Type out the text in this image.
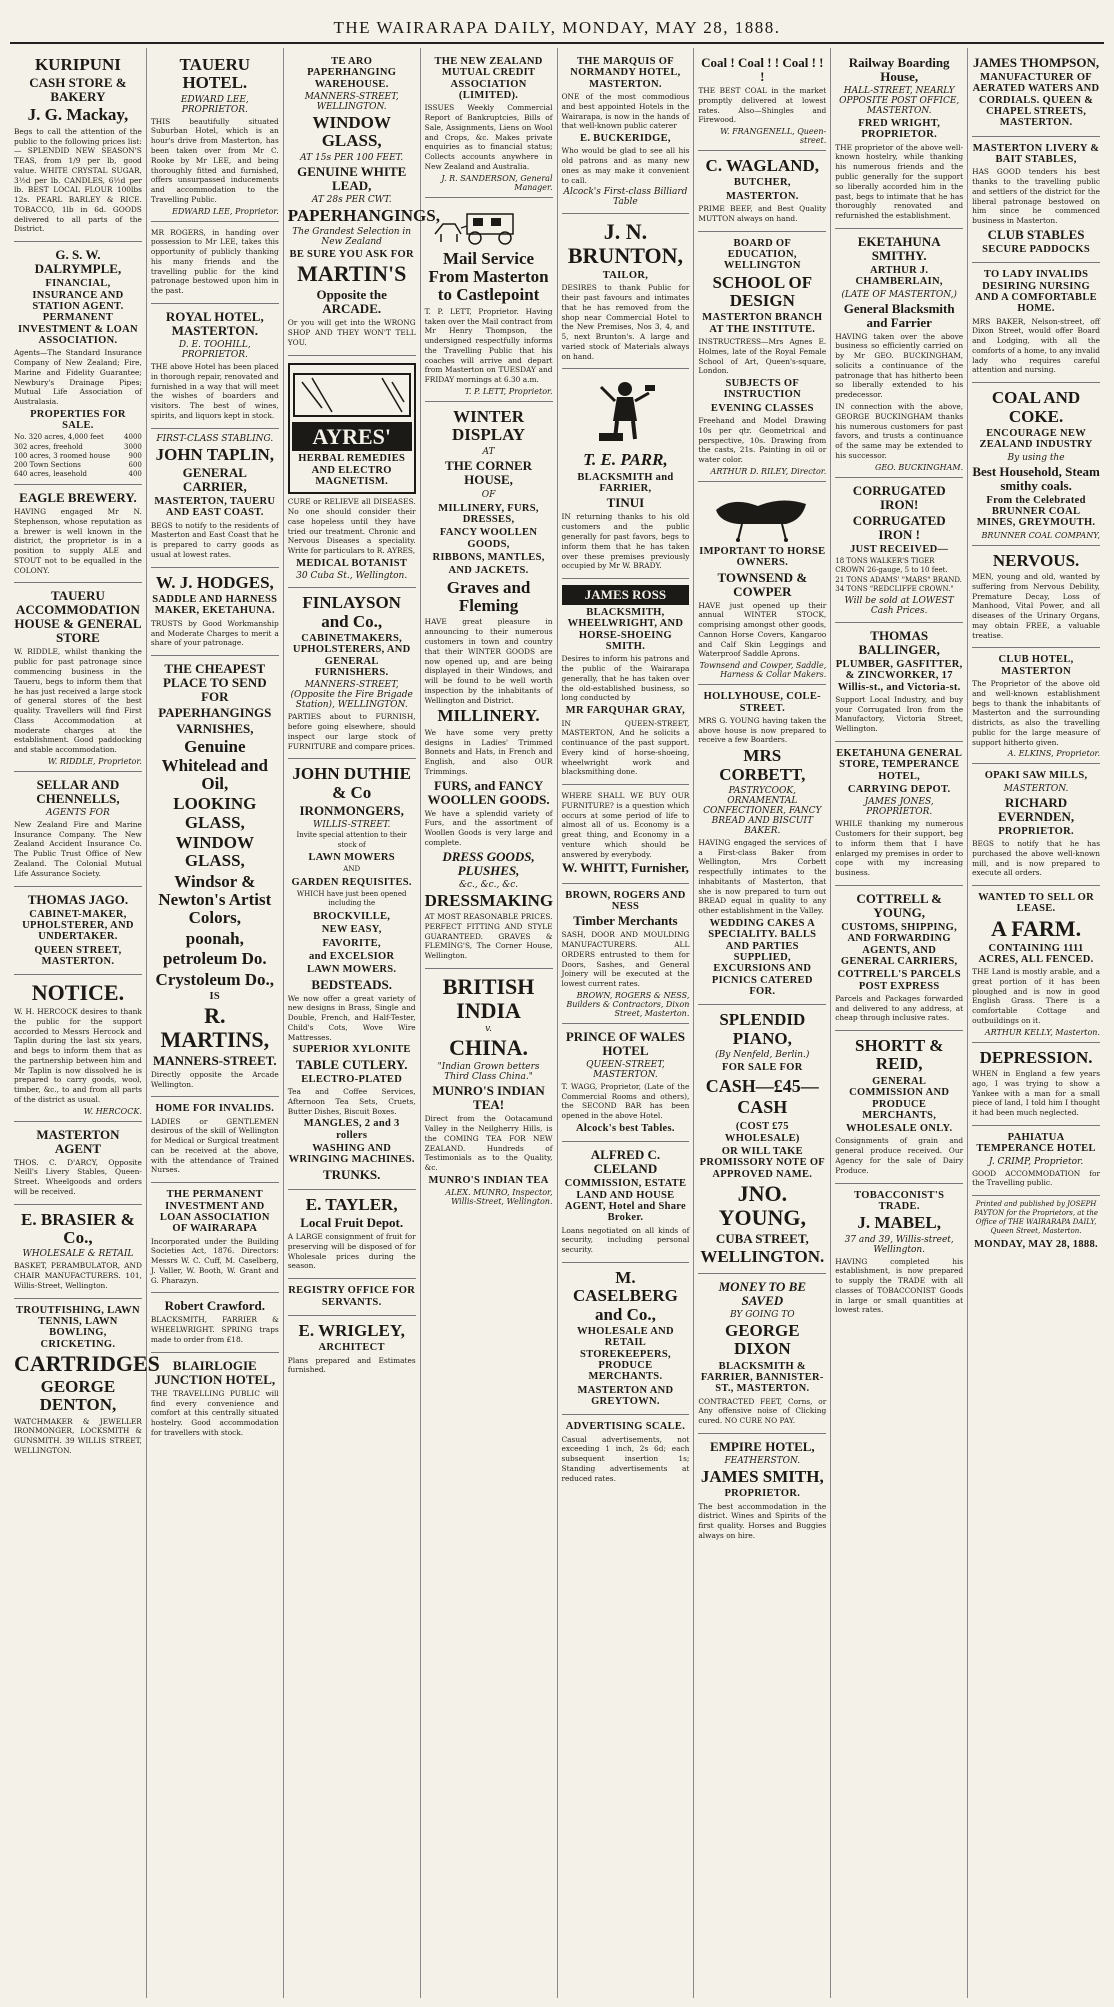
THE WAIRARAPA DAILY, MONDAY, MAY 28, 1888.
KURIPUNI
CASH STORE & BAKERY
J. G. Mackay,
Begs to call the attention of the public to the following prices list:— SPLENDID NEW SEASON'S TEAS, from 1/9 per lb, good value. WHITE CRYSTAL SUGAR, 3½d per lb. CANDLES, 6½d per lb. BEST LOCAL FLOUR 100lbs 12s. PEARL BARLEY & RICE. TOBACCO, 1lb in 6d. GOODS delivered to all parts of the District.
G. S. W. DALRYMPLE,
FINANCIAL, INSURANCE AND STATION AGENT. PERMANENT INVESTMENT & LOAN ASSOCIATION.
Agents—The Standard Insurance Company of New Zealand; Fire, Marine and Fidelity Guarantee; Newbury's Drainage Pipes; Mutual Life Association of Australasia.
PROPERTIES FOR SALE.
No. 320 acres, 4,000 feet	4000
302 acres, freehold	3000
100 acres, 3 roomed house	900
200 Town Sections	600
640 acres, leasehold	400
EAGLE BREWERY.
HAVING engaged Mr N. Stephenson, whose reputation as a brewer is well known in the district, the proprietor is in a position to supply ALE and STOUT not to be equalled in the COLONY.
TAUERU ACCOMMODATION HOUSE & GENERAL STORE
W. RIDDLE, whilst thanking the public for past patronage since commencing business in the Taueru, begs to inform them that he has just received a large stock of general stores of the best quality. Travellers will find First Class Accommodation at moderate charges at the establishment. Good paddocking and stable accommodation.
W. RIDDLE, Proprietor.
SELLAR AND CHENNELLS,
AGENTS FOR
New Zealand Fire and Marine Insurance Company. The New Zealand Accident Insurance Co. The Public Trust Office of New Zealand. The Colonial Mutual Life Assurance Society.
THOMAS JAGO.
CABINET-MAKER, UPHOLSTERER, AND UNDERTAKER.
QUEEN STREET, MASTERTON.
NOTICE.
W. H. HERCOCK desires to thank the public for the support accorded to Messrs Hercock and Taplin during the last six years, and begs to inform them that as the partnership between him and Mr Taplin is now dissolved he is prepared to carry goods, wool, timber, &c., to and from all parts of the district as usual.
W. HERCOCK.
MASTERTON AGENT
THOS. C. D'ARCY, Opposite Neill's Livery Stables, Queen-Street. Wheelgoods and orders will be received.
E. BRASIER & Co.,
WHOLESALE & RETAIL
BASKET, PERAMBULATOR, AND CHAIR MANUFACTURERS. 101, Willis-Street, Wellington.
TROUTFISHING, LAWN TENNIS, LAWN BOWLING, CRICKETING.
CARTRIDGES
GEORGE DENTON,
WATCHMAKER & JEWELLER IRONMONGER, LOCKSMITH & GUNSMITH. 39 WILLIS STREET, WELLINGTON.
TAUERU HOTEL.
EDWARD LEE, PROPRIETOR.
THIS beautifully situated Suburban Hotel, which is an hour's drive from Masterton, has been taken over from Mr C. Rooke by Mr LEE, and being thoroughly fitted and furnished, offers unsurpassed inducements and accommodation to the Travelling Public.
EDWARD LEE, Proprietor.
MR ROGERS, in handing over possession to Mr LEE, takes this opportunity of publicly thanking his many friends and the travelling public for the kind patronage bestowed upon him in the past.
ROYAL HOTEL, MASTERTON.
D. E. TOOHILL, PROPRIETOR.
THE above Hotel has been placed in thorough repair, renovated and furnished in a way that will meet the wishes of boarders and visitors. The best of wines, spirits, and liquors kept in stock.
FIRST-CLASS STABLING.
JOHN TAPLIN,
GENERAL CARRIER,
MASTERTON, TAUERU AND EAST COAST.
BEGS to notify to the residents of Masterton and East Coast that he is prepared to carry goods as usual at lowest rates.
W. J. HODGES,
SADDLE AND HARNESS MAKER, EKETAHUNA.
TRUSTS by Good Workmanship and Moderate Charges to merit a share of your patronage.
THE CHEAPEST PLACE TO SEND FOR
PAPERHANGINGS
VARNISHES,
Genuine Whitelead and Oil,
LOOKING GLASS,
WINDOW GLASS,
Windsor & Newton's Artist Colors,
poonah,
petroleum Do.
Crystoleum Do.,
IS
R. MARTINS,
MANNERS-STREET.
Directly opposite the Arcade Wellington.
HOME FOR INVALIDS.
LADIES or GENTLEMEN desirous of the skill of Wellington for Medical or Surgical treatment can be received at the above, with the attendance of Trained Nurses.
THE PERMANENT INVESTMENT AND LOAN ASSOCIATION OF WAIRARAPA
Incorporated under the Building Societies Act, 1876. Directors: Messrs W. C. Cuff, M. Caselberg, J. Valler, W. Booth, W. Grant and G. Pharazyn.
Robert Crawford.
BLACKSMITH, FARRIER & WHEELWRIGHT. SPRING traps made to order from £18.
BLAIRLOGIE JUNCTION HOTEL,
THE TRAVELLING PUBLIC will find every convenience and comfort at this centrally situated hostelry. Good accommodation for travellers with stock.
TE ARO PAPERHANGING WAREHOUSE.
MANNERS-STREET, WELLINGTON.
WINDOW GLASS,
AT 15s PER 100 FEET.
GENUINE WHITE LEAD,
AT 28s PER CWT.
PAPERHANGINGS,
The Grandest Selection in New Zealand
BE SURE YOU ASK FOR
MARTIN'S
Opposite the ARCADE.
Or you will get into the WRONG SHOP AND THEY WON'T TELL YOU.
AYRES'
HERBAL REMEDIES AND ELECTRO MAGNETISM.
CURE or RELIEVE all DISEASES. No one should consider their case hopeless until they have tried our treatment. Chronic and Nervous Diseases a speciality. Write for particulars to R. AYRES,
MEDICAL BOTANIST
30 Cuba St., Wellington.
FINLAYSON and Co.,
CABINETMAKERS, UPHOLSTERERS, AND GENERAL FURNISHERS.
MANNERS-STREET, (Opposite the Fire Brigade Station), WELLINGTON.
PARTIES about to FURNISH, before going elsewhere, should inspect our large stock of FURNITURE and compare prices.
JOHN DUTHIE & Co
IRONMONGERS,
WILLIS-STREET.
Invite special attention to their stock of
LAWN MOWERS
AND
GARDEN REQUISITES.
WHICH have just been opened including the
BROCKVILLE,
NEW EASY,
FAVORITE,
and EXCELSIOR
LAWN MOWERS.
BEDSTEADS.
We now offer a great variety of new designs in Brass, Single and Double, French, and Half-Tester, Child's Cots, Wove Wire Mattresses.
SUPERIOR XYLONITE
TABLE CUTLERY.
ELECTRO-PLATED
Tea and Coffee Services, Afternoon Tea Sets, Cruets, Butter Dishes, Biscuit Boxes.
MANGLES, 2 and 3 rollers
WASHING AND WRINGING MACHINES.
TRUNKS.
E. TAYLER,
Local Fruit Depot.
A LARGE consignment of fruit for preserving will be disposed of for Wholesale prices during the season.
REGISTRY OFFICE FOR SERVANTS.
E. WRIGLEY,
ARCHITECT
Plans prepared and Estimates furnished.
THE NEW ZEALAND MUTUAL CREDIT ASSOCIATION (LIMITED).
ISSUES Weekly Commercial Report of Bankruptcies, Bills of Sale, Assignments, Liens on Wool and Crops, &c. Makes private enquiries as to financial status; Collects accounts anywhere in New Zealand and Australia.
J. R. SANDERSON, General Manager.
Mail Service From Masterton to Castlepoint
T. P. LETT, Proprietor. Having taken over the Mail contract from Mr Henry Thompson, the undersigned respectfully informs the Travelling Public that his coaches will arrive and depart from Masterton on TUESDAY and FRIDAY mornings at 6.30 a.m.
T. P. LETT, Proprietor.
WINTER DISPLAY
AT
THE CORNER HOUSE,
OF
MILLINERY, FURS, DRESSES,
FANCY WOOLLEN GOODS,
RIBBONS, MANTLES,
AND JACKETS.
Graves and Fleming
HAVE great pleasure in announcing to their numerous customers in town and country that their WINTER GOODS are now opened up, and are being displayed in their Windows, and will be found to be well worth inspection by the inhabitants of Wellington and District.
MILLINERY.
We have some very pretty designs in Ladies' Trimmed Bonnets and Hats, in French and English, and also OUR Trimmings.
FURS, and FANCY WOOLLEN GOODS.
We have a splendid variety of Furs, and the assortment of Woollen Goods is very large and complete.
DRESS GOODS, PLUSHES,
&c., &c., &c.
DRESSMAKING
AT MOST REASONABLE PRICES. PERFECT FITTING AND STYLE GUARANTEED. GRAVES & FLEMING'S, The Corner House, Wellington.
BRITISH INDIA
v.
CHINA.
"Indian Grown betters Third Class China."
MUNRO'S INDIAN TEA!
Direct from the Ootacamund Valley in the Neilgherry Hills, is the COMING TEA FOR NEW ZEALAND. Hundreds of Testimonials as to the Quality, &c.
MUNRO'S INDIAN TEA
ALEX. MUNRO, Inspector, Willis-Street, Wellington.
THE MARQUIS OF NORMANDY HOTEL, MASTERTON.
ONE of the most commodious and best appointed Hotels in the Wairarapa, is now in the hands of that well-known public caterer
E. BUCKERIDGE,
Who would be glad to see all his old patrons and as many new ones as may make it convenient to call.
Alcock's First-class Billiard Table
J. N. BRUNTON,
TAILOR,
DESIRES to thank Public for their past favours and intimates that he has removed from the shop near Commercial Hotel to the New Premises, Nos 3, 4, and 5, next Brunton's. A large and varied stock of Materials always on hand.
T. E. PARR,
BLACKSMITH and FARRIER,
TINUI
IN returning thanks to his old customers and the public generally for past favors, begs to inform them that he has taken over these premises previously occupied by Mr W. BRADY.
JAMES ROSS
BLACKSMITH, WHEELWRIGHT, AND HORSE-SHOEING SMITH.
Desires to inform his patrons and the public of the Wairarapa generally, that he has taken over the old-established business, so long conducted by
MR FARQUHAR GRAY,
IN QUEEN-STREET, MASTERTON, And he solicits a continuance of the past support. Every kind of horse-shoeing, wheelwright work and blacksmithing done.
WHERE SHALL WE BUY OUR FURNITURE? is a question which occurs at some period of life to almost all of us. Economy is a great thing, and Economy in a venture which should be answered by everybody.
W. WHITT, Furnisher,
BROWN, ROGERS AND NESS
Timber Merchants
SASH, DOOR AND MOULDING MANUFACTURERS. ALL ORDERS entrusted to them for Doors, Sashes, and General Joinery will be executed at the lowest current rates.
BROWN, ROGERS & NESS, Builders & Contractors, Dixon Street, Masterton.
PRINCE OF WALES HOTEL
QUEEN-STREET, MASTERTON.
T. WAGG, Proprietor, (Late of the Commercial Rooms and others), the SECOND BAR has been opened in the above Hotel.
Alcock's best Tables.
ALFRED C. CLELAND
COMMISSION, ESTATE LAND AND HOUSE AGENT, Hotel and Share Broker.
Loans negotiated on all kinds of security, including personal security.
M. CASELBERG and Co.,
WHOLESALE AND RETAIL STOREKEEPERS, PRODUCE MERCHANTS.
MASTERTON AND GREYTOWN.
ADVERTISING SCALE.
Casual advertisements, not exceeding 1 inch, 2s 6d; each subsequent insertion 1s; Standing advertisements at reduced rates.
Coal ! Coal ! ! Coal ! ! !
THE BEST COAL in the market promptly delivered at lowest rates. Also—Shingles and Firewood.
W. FRANGENELL, Queen-street.
C. WAGLAND,
BUTCHER,
MASTERTON.
PRIME BEEF, and Best Quality MUTTON always on hand.
BOARD OF EDUCATION, WELLINGTON
SCHOOL OF DESIGN
MASTERTON BRANCH AT THE INSTITUTE.
INSTRUCTRESS—Mrs Agnes E. Holmes, late of the Royal Female School of Art, Queen's-square, London.
SUBJECTS OF INSTRUCTION
EVENING CLASSES
Freehand and Model Drawing 10s per qtr. Geometrical and perspective, 10s. Drawing from the casts, 21s. Painting in oil or water color.
ARTHUR D. RILEY, Director.
IMPORTANT TO HORSE OWNERS.
TOWNSEND & COWPER
HAVE just opened up their annual WINTER STOCK, comprising amongst other goods, Cannon Horse Covers, Kangaroo and Calf Skin Leggings and Waterproof Saddle Aprons.
Townsend and Cowper, Saddle, Harness & Collar Makers.
HOLLYHOUSE, COLE-STREET.
MRS G. YOUNG having taken the above house is now prepared to receive a few Boarders.
MRS CORBETT,
PASTRYCOOK, ORNAMENTAL CONFECTIONER, FANCY BREAD AND BISCUIT BAKER.
HAVING engaged the services of a First-class Baker from Wellington, Mrs Corbett respectfully intimates to the inhabitants of Masterton, that she is now prepared to turn out BREAD equal in quality to any other establishment in the Valley.
WEDDING CAKES A SPECIALITY. BALLS AND PARTIES SUPPLIED, EXCURSIONS AND PICNICS CATERED FOR.
SPLENDID PIANO,
(By Nenfeld, Berlin.)
FOR SALE FOR
CASH—£45—CASH
(COST £75 WHOLESALE)
OR WILL TAKE PROMISSORY NOTE OF APPROVED NAME.
JNO. YOUNG,
CUBA STREET,
WELLINGTON.
MONEY TO BE SAVED
BY GOING TO
GEORGE DIXON
BLACKSMITH & FARRIER, BANNISTER-ST., MASTERTON.
CONTRACTED FEET, Corns, or Any offensive noise of Clicking cured. NO CURE NO PAY.
EMPIRE HOTEL,
FEATHERSTON.
JAMES SMITH,
PROPRIETOR.
The best accommodation in the district. Wines and Spirits of the first quality. Horses and Buggies always on hire.
Railway Boarding House,
HALL-STREET, NEARLY OPPOSITE POST OFFICE, MASTERTON.
FRED WRIGHT, PROPRIETOR.
THE proprietor of the above well-known hostelry, while thanking his numerous friends and the public generally for the support so liberally accorded him in the past, begs to intimate that he has thoroughly renovated and refurnished the establishment.
EKETAHUNA SMITHY.
ARTHUR J. CHAMBERLAIN,
(LATE OF MASTERTON,)
General Blacksmith and Farrier
HAVING taken over the above business so efficiently carried on by Mr GEO. BUCKINGHAM, solicits a continuance of the patronage that has hitherto been so liberally extended to his predecessor.
IN connection with the above, GEORGE BUCKINGHAM thanks his numerous customers for past favors, and trusts a continuance of the same may be extended to his successor.
GEO. BUCKINGHAM.
CORRUGATED IRON!
CORRUGATED IRON !
JUST RECEIVED—
18 TONS WALKER'S TIGER CROWN 26-gauge, 5 to 10 feet.
21 TONS ADAMS' "MARS" BRAND.
34 TONS "REDCLIFFE CROWN."
Will be sold at LOWEST Cash Prices.
THOMAS BALLINGER,
PLUMBER, GASFITTER, & ZINCWORKER, 17 Willis-st., and Victoria-st.
Support Local Industry, and buy your Corrugated Iron from the Manufactory, Victoria Street, Wellington.
EKETAHUNA GENERAL STORE, TEMPERANCE HOTEL,
CARRYING DEPOT.
JAMES JONES, PROPRIETOR.
WHILE thanking my numerous Customers for their support, beg to inform them that I have enlarged my premises in order to cope with my increasing business.
COTTRELL & YOUNG,
CUSTOMS, SHIPPING, AND FORWARDING AGENTS, AND GENERAL CARRIERS,
COTTRELL'S PARCELS POST EXPRESS
Parcels and Packages forwarded and delivered to any address, at cheap through inclusive rates.
SHORTT & REID,
GENERAL COMMISSION AND PRODUCE MERCHANTS,
WHOLESALE ONLY.
Consignments of grain and general produce received. Our Agency for the sale of Dairy Produce.
TOBACCONIST'S TRADE.
J. MABEL,
37 and 39, Willis-street, Wellington.
HAVING completed his establishment, is now prepared to supply the TRADE with all classes of TOBACCONIST Goods in large or small quantities at lowest rates.
JAMES THOMPSON,
MANUFACTURER OF AERATED WATERS AND CORDIALS. QUEEN & CHAPEL STREETS, MASTERTON.
MASTERTON LIVERY & BAIT STABLES,
HAS GOOD tenders his best thanks to the travelling public and settlers of the district for the liberal patronage bestowed on him since he commenced business in Masterton.
CLUB STABLES
SECURE PADDOCKS
TO LADY INVALIDS DESIRING NURSING AND A COMFORTABLE HOME.
MRS BAKER, Nelson-street, off Dixon Street, would offer Board and Lodging, with all the comforts of a home, to any invalid lady who requires careful attention and nursing.
COAL AND COKE.
ENCOURAGE NEW ZEALAND INDUSTRY
By using the
Best Household, Steam smithy coals.
From the Celebrated BRUNNER COAL MINES, GREYMOUTH.
BRUNNER COAL COMPANY,
NERVOUS.
MEN, young and old, wanted by suffering from Nervous Debility, Premature Decay, Loss of Manhood, Vital Power, and all diseases of the Urinary Organs, may obtain FREE, a valuable treatise.
CLUB HOTEL, MASTERTON
The Proprietor of the above old and well-known establishment begs to thank the inhabitants of Masterton and the surrounding districts, as also the travelling public for the large measure of support hitherto given.
A. ELKINS, Proprietor.
OPAKI SAW MILLS,
MASTERTON.
RICHARD EVERNDEN,
PROPRIETOR.
BEGS to notify that he has purchased the above well-known mill, and is now prepared to execute all orders.
WANTED TO SELL OR LEASE.
A FARM.
CONTAINING 1111 ACRES, ALL FENCED.
THE Land is mostly arable, and a great portion of it has been ploughed and is now in good English Grass. There is a comfortable Cottage and outbuildings on it.
ARTHUR KELLY, Masterton.
DEPRESSION.
WHEN in England a few years ago, I was trying to show a Yankee with a man for a small piece of land, I told him I thought it had been much neglected.
PAHIATUA TEMPERANCE HOTEL
J. CRIMP, Proprietor.
GOOD ACCOMMODATION for the Travelling public.
Printed and published by JOSEPH PAYTON for the Proprietors, at the Office of THE WAIRARAPA DAILY, Queen Street, Masterton.
MONDAY, MAY 28, 1888.
